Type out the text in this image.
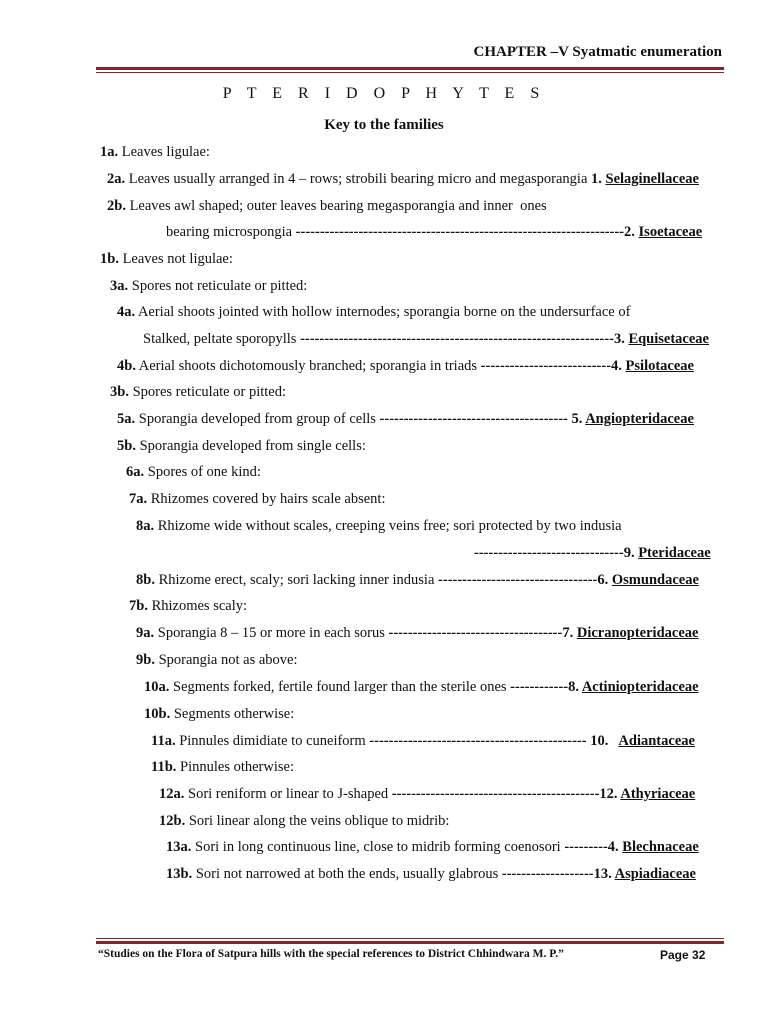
CHAPTER –V Syatmatic enumeration
P T E R I D O P H Y T E S
Key to the families
1a. Leaves ligulae:
2a. Leaves usually arranged in 4 – rows; strobili bearing micro and megasporangia 1. Selaginellaceae
2b. Leaves awl shaped; outer leaves bearing megasporangia and inner  ones
bearing microspongia --------------------------------------------------------------------2. Isoetaceae
1b. Leaves not ligulae:
3a. Spores not reticulate or pitted:
4a. Aerial shoots jointed with hollow internodes; sporangia borne on the undersurface of
Stalked, peltate sporopylls -----------------------------------------------------------------3. Equisetaceae
4b. Aerial shoots dichotomously branched; sporangia in triads ---------------------------4. Psilotaceae
3b. Spores reticulate or pitted:
5a. Sporangia developed from group of cells --------------------------------------- 5. Angiopteridaceae
5b. Sporangia developed from single cells:
6a. Spores of one kind:
7a. Rhizomes covered by hairs scale absent:
8a. Rhizome wide without scales, creeping veins free; sori protected by two indusia
-------------------------------9. Pteridaceae
8b. Rhizome erect, scaly; sori lacking inner indusia ---------------------------------6. Osmundaceae
7b. Rhizomes scaly:
9a. Sporangia 8 – 15 or more in each sorus ------------------------------------7. Dicranopteridaceae
9b. Sporangia not as above:
10a. Segments forked, fertile found larger than the sterile ones ------------8. Actiniopteridaceae
10b. Segments otherwise:
11a. Pinnules dimidiate to cuneiform --------------------------------------------- 10.   Adiantaceae
11b. Pinnules otherwise:
12a. Sori reniform or linear to J-shaped -------------------------------------------12. Athyriaceae
12b. Sori linear along the veins oblique to midrib:
13a. Sori in long continuous line, close to midrib forming coenosori ---------4. Blechnaceae
13b. Sori not narrowed at both the ends, usually glabrous -------------------13. Aspiadiaceae
“Studies on the Flora of Satpura hills with the special references to District Chhindwara M. P.”	Page 32
